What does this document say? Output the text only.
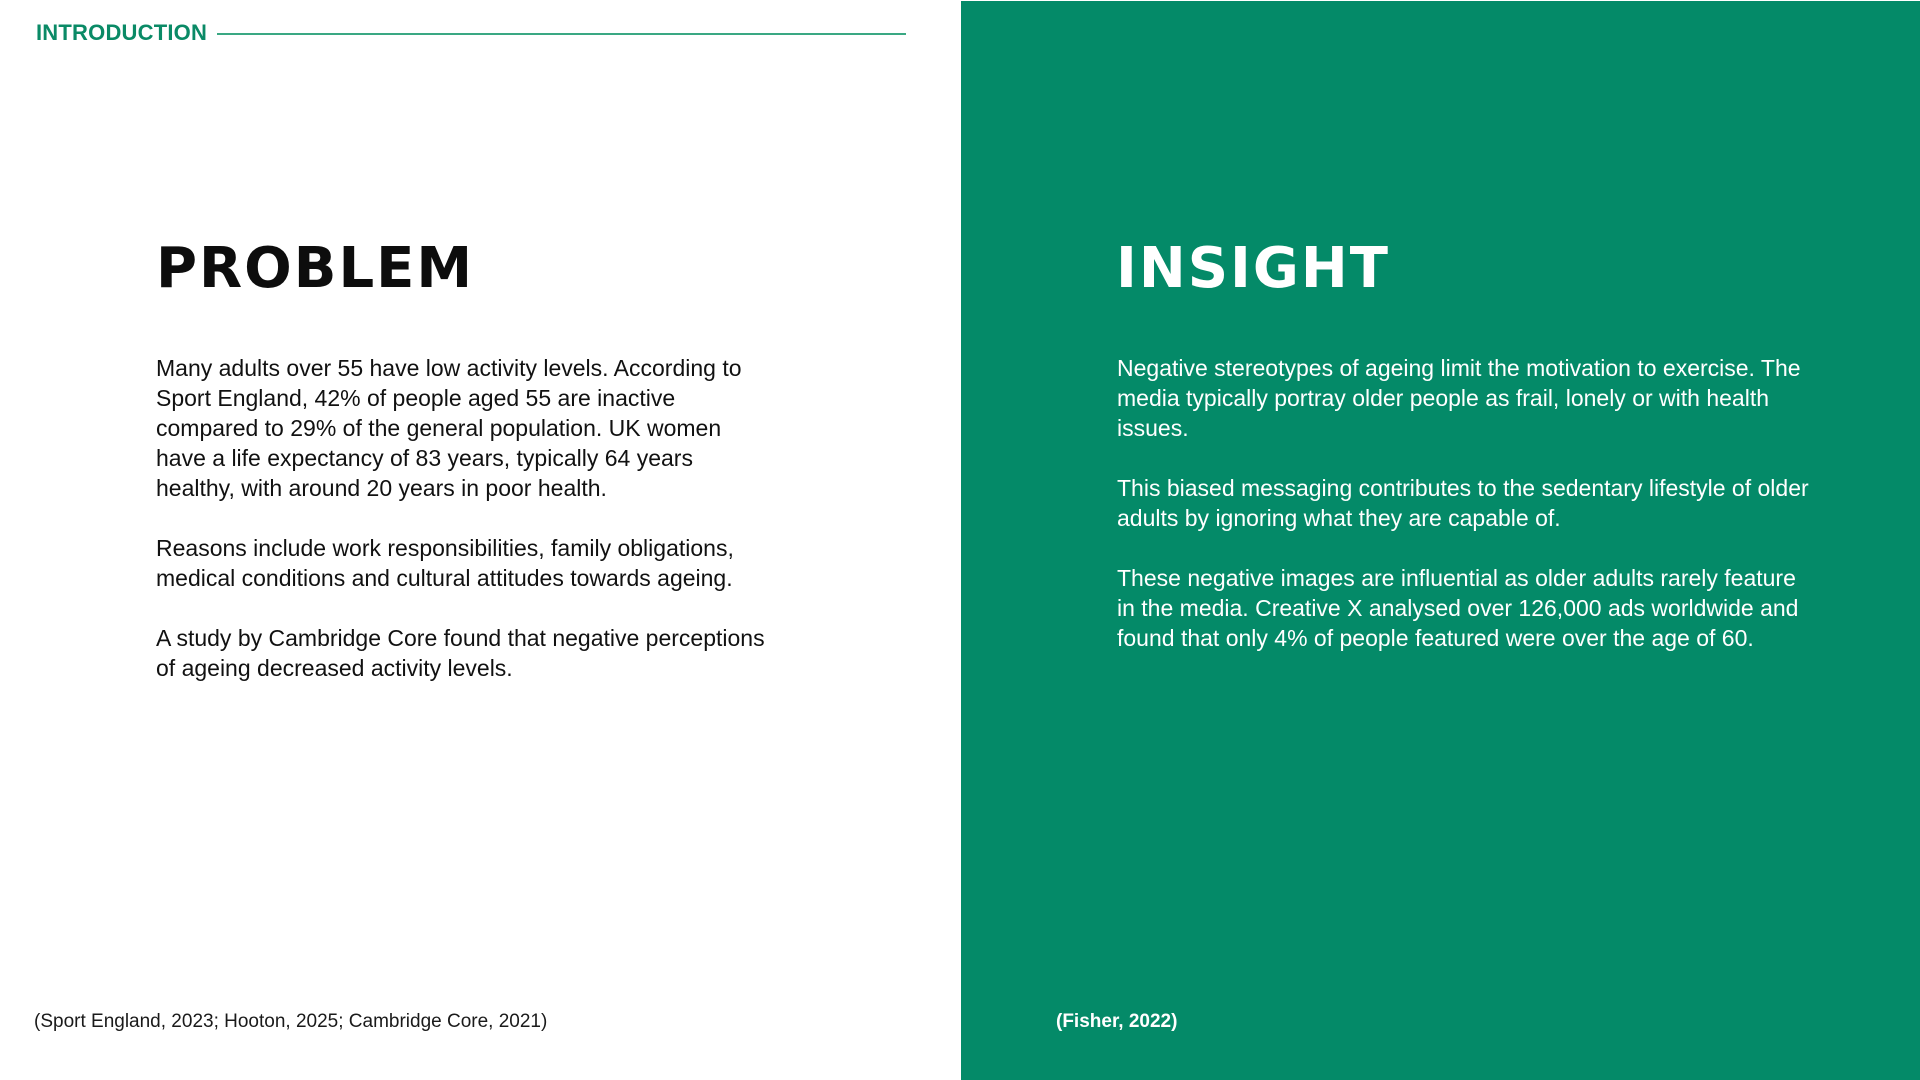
INTRODUCTION
PROBLEM

Many adults over 55 have low activity levels. According to Sport England, 42% of people aged 55 are inactive compared to 29% of the general population. UK women have a life expectancy of 83 years, typically 64 years healthy, with around 20 years in poor health.

Reasons include work responsibilities, family obligations, medical conditions and cultural attitudes towards ageing.

A study by Cambridge Core found that negative perceptions of ageing decreased activity levels.

(Sport England, 2023; Hooton, 2025; Cambridge Core, 2021)

INSIGHT

Negative stereotypes of ageing limit the motivation to exercise. The media typically portray older people as frail, lonely or with health issues.

This biased messaging contributes to the sedentary lifestyle of older adults by ignoring what they are capable of.

These negative images are influential as older adults rarely feature in the media. Creative X analysed over 126,000 ads worldwide and found that only 4% of people featured were over the age of 60.

(Fisher, 2022)
